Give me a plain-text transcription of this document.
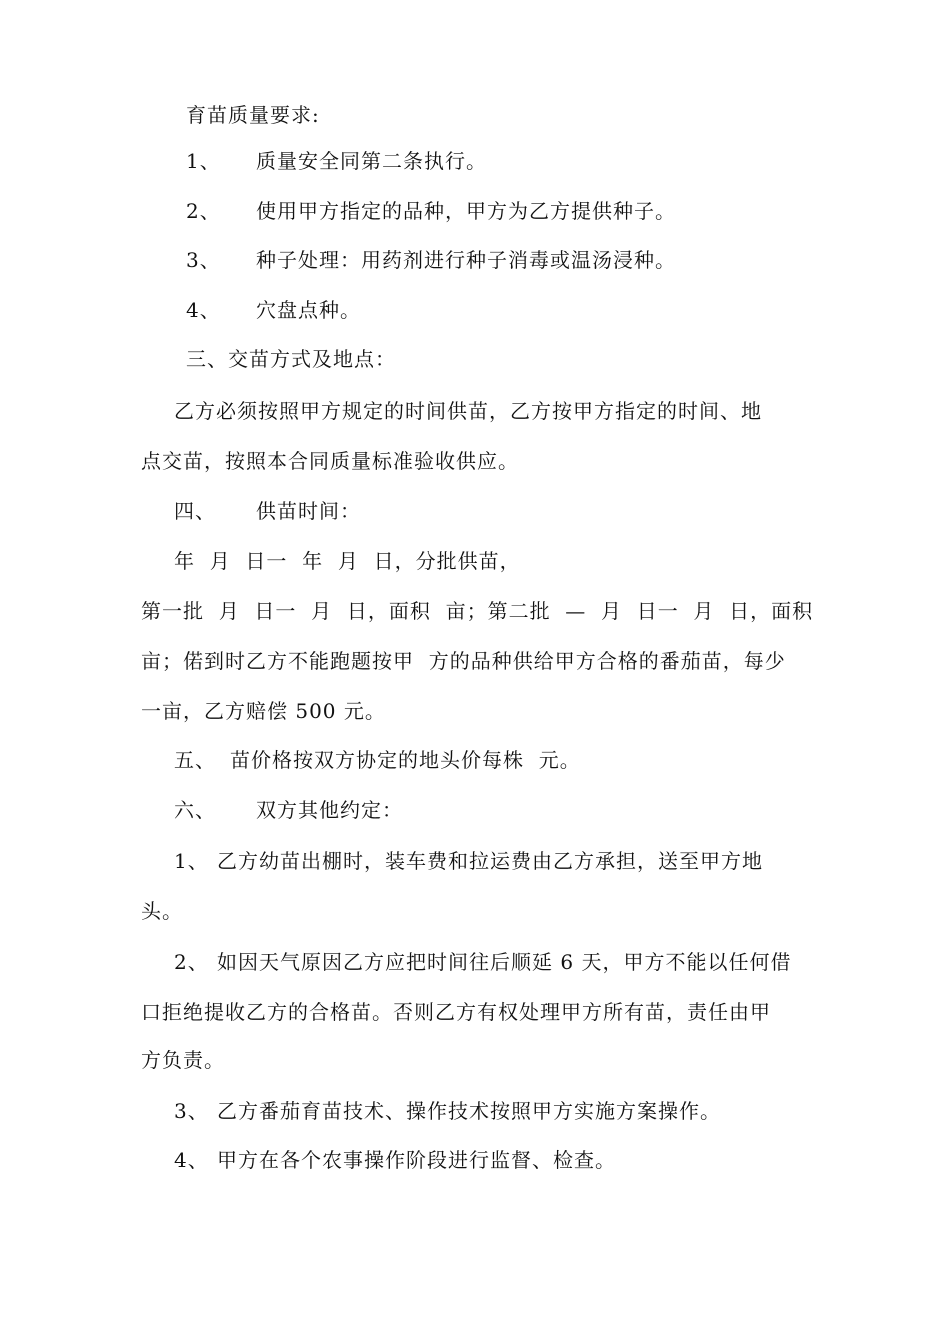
育苗质量要求:
1、 质量安全同第二条执行。
2、 使用甲方指定的品种，甲方为乙方提供种子。
3、 种子处理：用药剂进行种子消毒或温汤浸种。
4、 穴盘点种。
三、交苗方式及地点：
乙方必须按照甲方规定的时间供苗，乙方按甲方指定的时间、地
点交苗，按照本合同质量标准验收供应。
四、 供苗时间：
年  月  日一  年  月  日，分批供苗，
第一批  月  日一  月  日，面积  亩；第二批  —  月  日一  月  日，面积
亩；偌到时乙方不能跑题按甲  方的品种供给甲方合格的番茄苗，每少
一亩，乙方赔偿 500 元。
五、 苗价格按双方协定的地头价每株  元。
六、 双方其他约定：
1、 乙方幼苗出棚时，装车费和拉运费由乙方承担，送至甲方地
头。
2、 如因天气原因乙方应把时间往后顺延 6 天，甲方不能以任何借
口拒绝提收乙方的合格苗。否则乙方有权处理甲方所有苗，责任由甲
方负责。
3、 乙方番茄育苗技术、操作技术按照甲方实施方案操作。
4、 甲方在各个农事操作阶段进行监督、检查。
